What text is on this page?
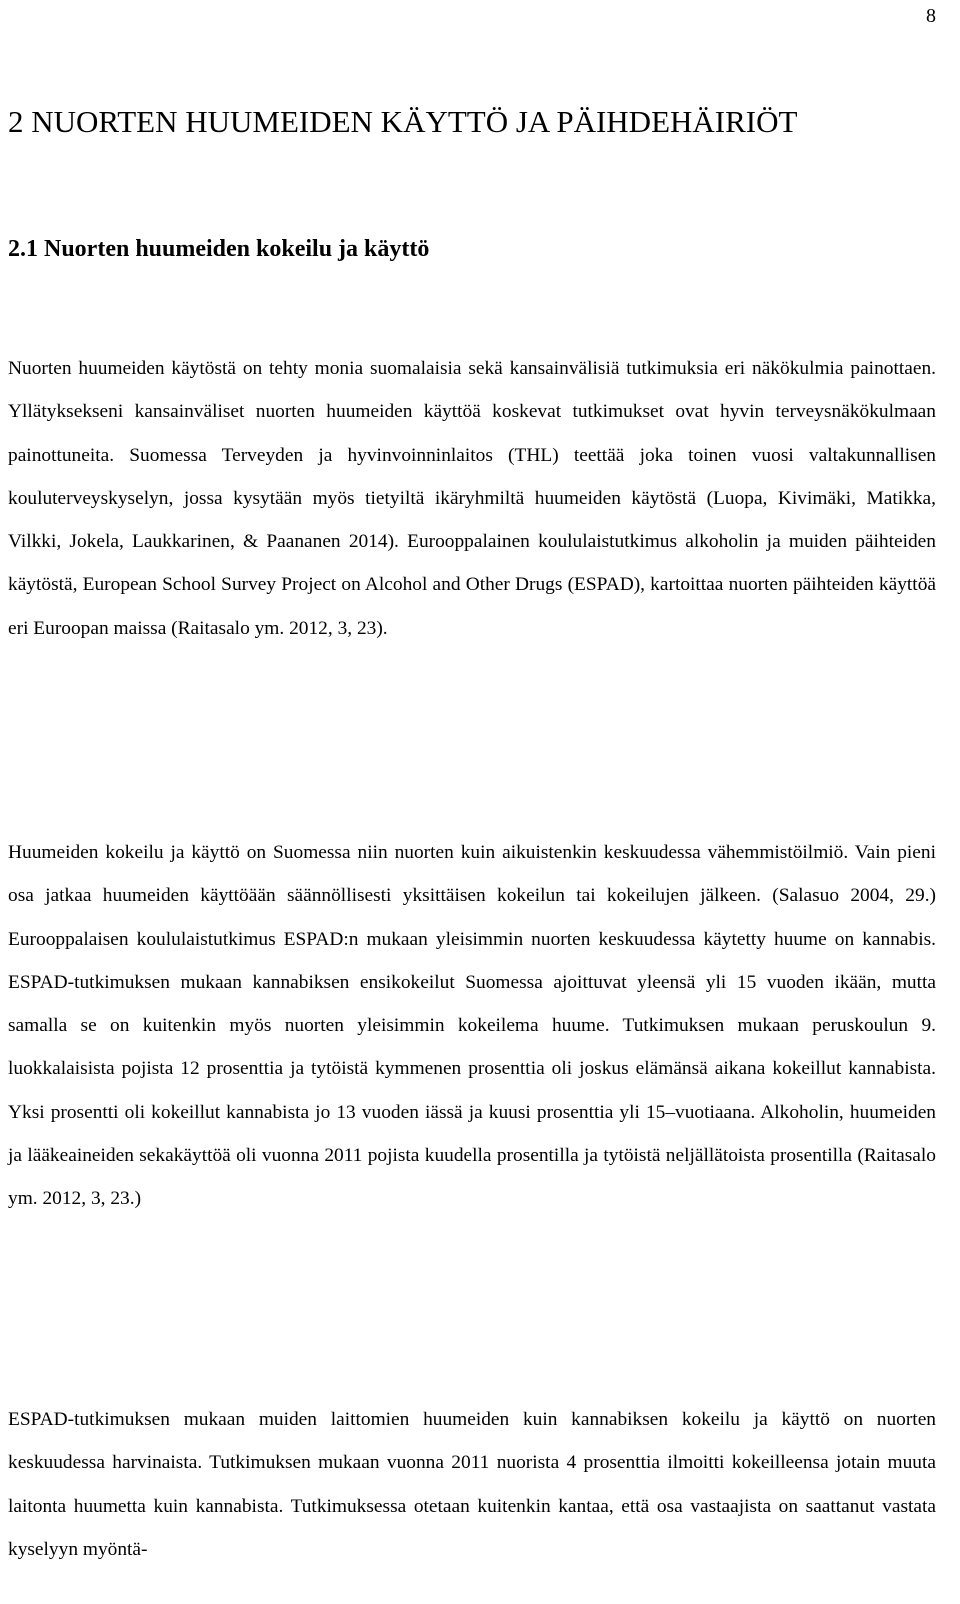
8
2 NUORTEN HUUMEIDEN KÄYTTÖ JA PÄIHDEHÄIRIÖT
2.1 Nuorten huumeiden kokeilu ja käyttö

Nuorten huumeiden käytöstä on tehty monia suomalaisia sekä kansainvälisiä tutkimuksia eri näkökulmia painottaen. Yllätyksekseni kansainväliset nuorten huumeiden käyttöä koskevat tutkimukset ovat hyvin terveysnäkökulmaan painottuneita. Suomessa Terveyden ja hyvinvoinninlaitos (THL) teettää joka toinen vuosi valtakunnallisen kouluterveyskyselyn, jossa kysytään myös tietyiltä ikäryhmiltä huumeiden käytöstä (Luopa, Kivimäki, Matikka, Vilkki, Jokela, Laukkarinen, & Paananen 2014). Eurooppalainen koululaistutkimus alkoholin ja muiden päihteiden käytöstä, European School Survey Project on Alcohol and Other Drugs (ESPAD), kartoittaa nuorten päihteiden käyttöä eri Euroopan maissa (Raitasalo ym. 2012, 3, 23).

Huumeiden kokeilu ja käyttö on Suomessa niin nuorten kuin aikuistenkin keskuudessa vähemmistöilmiö. Vain pieni osa jatkaa huumeiden käyttöään säännöllisesti yksittäisen kokeilun tai kokeilujen jälkeen. (Salasuo 2004, 29.) Eurooppalaisen koululaistutkimus ESPAD:n mukaan yleisimmin nuorten keskuudessa käytetty huume on kannabis. ESPAD-tutkimuksen mukaan kannabiksen ensikokeilut Suomessa ajoittuvat yleensä yli 15 vuoden ikään, mutta samalla se on kuitenkin myös nuorten yleisimmin kokeilema huume. Tutkimuksen mukaan peruskoulun 9. luokkalaisista pojista 12 prosenttia ja tytöistä kymmenen prosenttia oli joskus elämänsä aikana kokeillut kannabista. Yksi prosentti oli kokeillut kannabista jo 13 vuoden iässä ja kuusi prosenttia yli 15–vuotiaana. Alkoholin, huumeiden ja lääkeaineiden sekakäyttöä oli vuonna 2011 pojista kuudella prosentilla ja tytöistä neljällätoista prosentilla (Raitasalo ym. 2012, 3, 23.)

ESPAD-tutkimuksen mukaan muiden laittomien huumeiden kuin kannabiksen kokeilu ja käyttö on nuorten keskuudessa harvinaista. Tutkimuksen mukaan vuonna 2011 nuorista 4 prosenttia ilmoitti kokeilleensa jotain muuta laitonta huumetta kuin kannabista. Tutkimuksessa otetaan kuitenkin kantaa, että osa vastaajista on saattanut vastata kyselyyn myöntä-
